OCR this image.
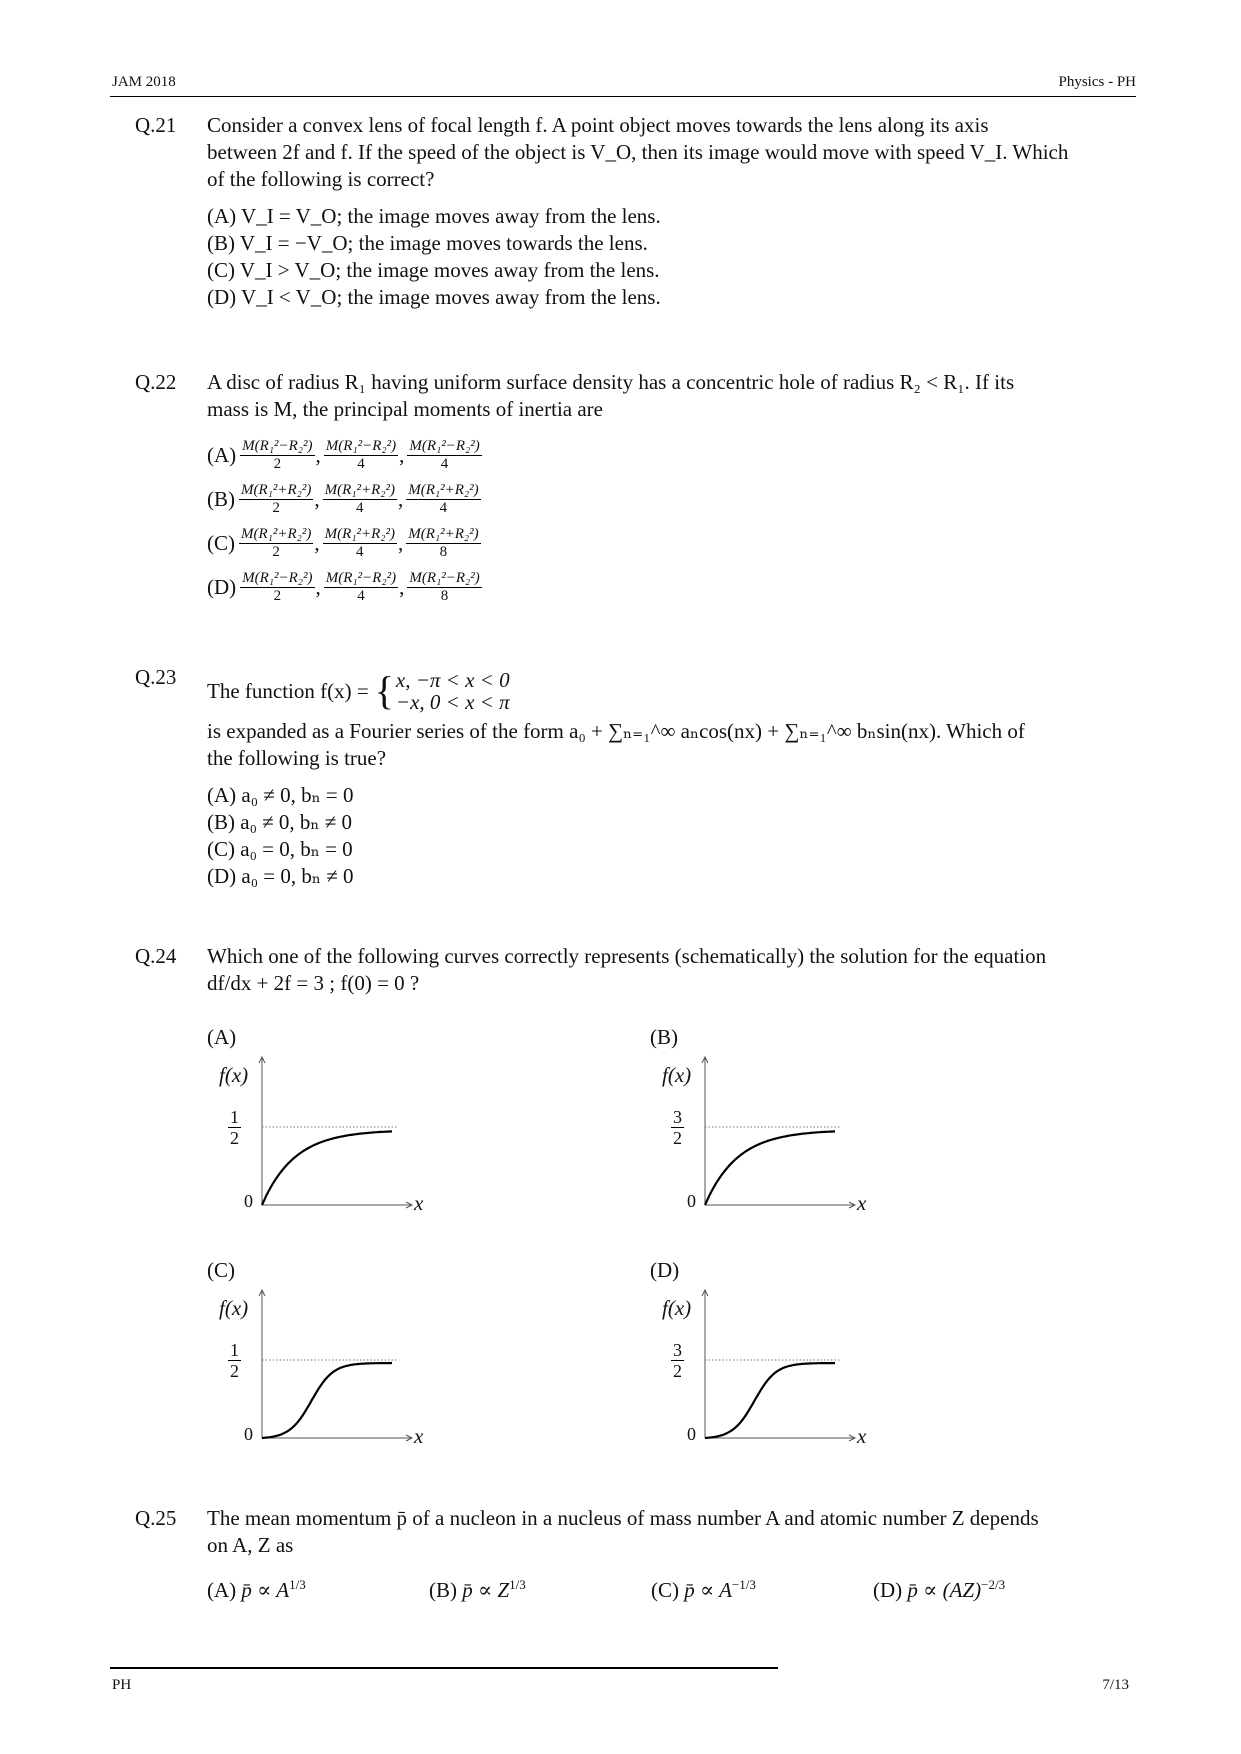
JAM 2018	Physics - PH
Q.21 Consider a convex lens of focal length f. A point object moves towards the lens along its axis
between 2f and f. If the speed of the object is V_O, then its image would move with speed V_I. Which
of the following is correct?
(A) V_I = V_O; the image moves away from the lens.
(B) V_I = −V_O; the image moves towards the lens.
(C) V_I > V_O; the image moves away from the lens.
(D) V_I < V_O; the image moves away from the lens.
Q.22 A disc of radius R₁ having uniform surface density has a concentric hole of radius R₂ < R₁. If its
mass is M, the principal moments of inertia are
$(A) \frac{\text{M(R₁²−R₂²)}}{2}$ , $\frac{\text{M(R₁²−R₂²)}}{4}$ , $\frac{\text{M(R₁²−R₂²)}}{4}$
$(B) \frac{\text{M(R₁²+R₂²)}}{2}$ , $\frac{\text{M(R₁²+R₂²)}}{4}$ , $\frac{\text{M(R₁²+R₂²)}}{4}$
$(C) \frac{\text{M(R₁²+R₂²)}}{2}$ , $\frac{\text{M(R₁²+R₂²)}}{4}$ , $\frac{\text{M(R₁²+R₂²)}}{8}$
$(D) \frac{\text{M(R₁²−R₂²)}}{2}$ , $\frac{\text{M(R₁²−R₂²)}}{4}$ , $\frac{\text{M(R₁²−R₂²)}}{8}$
Q.23
The function f(x) = { x, −π < x < 0
−x, 0 < x < π
is expanded as a Fourier series of the form a₀ + ∑ₙ₌₁^∞ aₙcos(nx) + ∑ₙ₌₁^∞ bₙsin(nx). Which of
the following is true?
(A) a₀ ≠ 0, bₙ = 0
(B) a₀ ≠ 0, bₙ ≠ 0
(C) a₀ = 0, bₙ = 0
(D) a₀ = 0, bₙ ≠ 0
Q.24 Which one of the following curves correctly represents (schematically) the solution for the equation
df/dx + 2f = 3 ; f(0) = 0 ?
(A)
f(x)
x
0
$\frac{1}{2}$
(B)
f(x)
x
0
$\frac{3}{2}$
(C)
f(x)
x
0
$\frac{1}{2}$
(D)
f(x)
x
0
$\frac{3}{2}$
Q.25 The mean momentum p̄ of a nucleon in a nucleus of mass number A and atomic number Z depends
on A, Z as
(A) p̄ ∝ $A^{1/3}$	(B) p̄ ∝ $Z^{1/3}$	(C) p̄ ∝ $A^{-1/3}$	(D) p̄ ∝ (AZ)$^{-2/3}$
PH	7/13
